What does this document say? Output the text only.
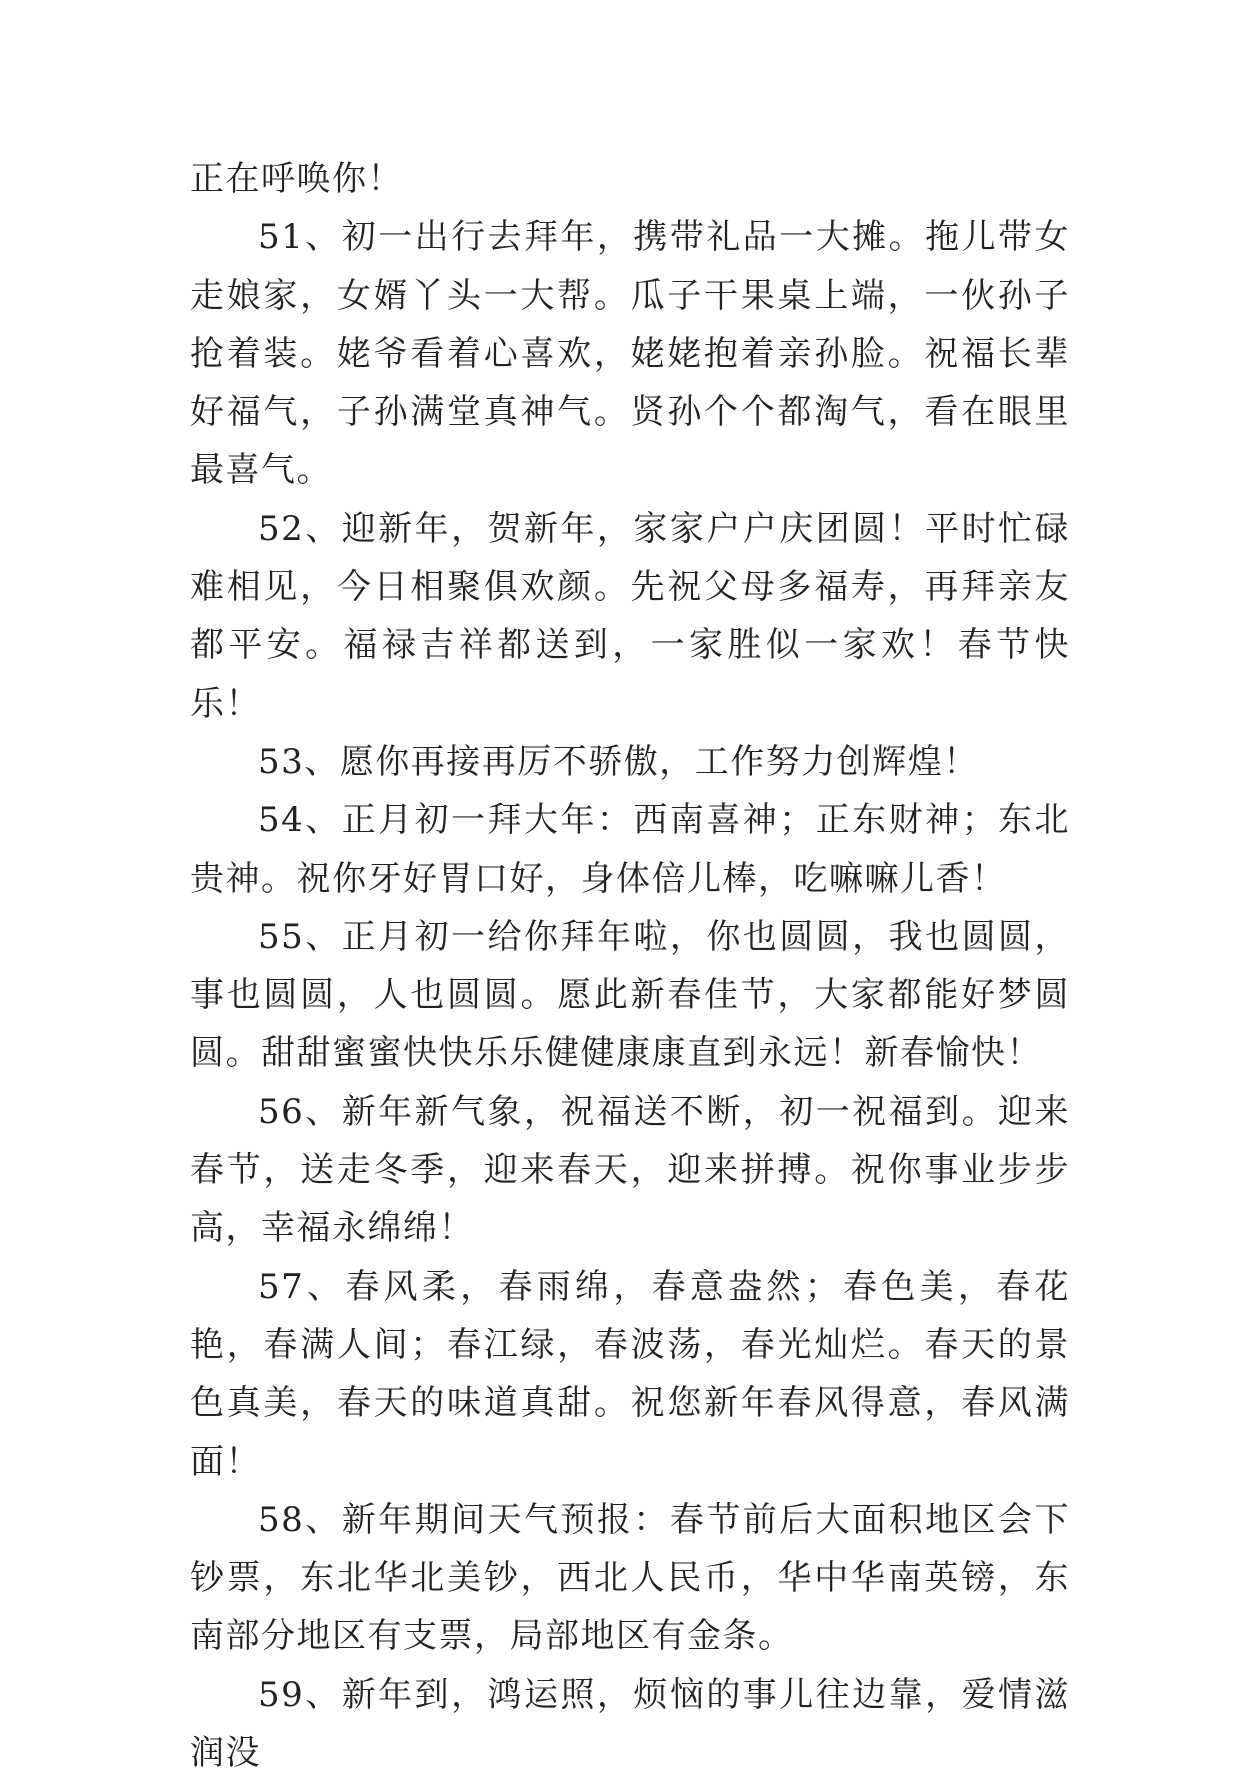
正在呼唤你！

51、初一出行去拜年，携带礼品一大摊。拖儿带女走娘家，女婿丫头一大帮。瓜子干果桌上端，一伙孙子抢着装。姥爷看着心喜欢，姥姥抱着亲孙脸。祝福长辈好福气，子孙满堂真神气。贤孙个个都淘气，看在眼里最喜气。

52、迎新年，贺新年，家家户户庆团圆！平时忙碌难相见，今日相聚俱欢颜。先祝父母多福寿，再拜亲友都平安。福禄吉祥都送到，一家胜似一家欢！春节快乐！

53、愿你再接再厉不骄傲，工作努力创辉煌！

54、正月初一拜大年：西南喜神；正东财神；东北贵神。祝你牙好胃口好，身体倍儿棒，吃嘛嘛儿香！

55、正月初一给你拜年啦，你也圆圆，我也圆圆，事也圆圆，人也圆圆。愿此新春佳节，大家都能好梦圆圆。甜甜蜜蜜快快乐乐健健康康直到永远！新春愉快！

56、新年新气象，祝福送不断，初一祝福到。迎来春节，送走冬季，迎来春天，迎来拼搏。祝你事业步步高，幸福永绵绵！

57、春风柔，春雨绵，春意盎然；春色美，春花艳，春满人间；春江绿，春波荡，春光灿烂。春天的景色真美，春天的味道真甜。祝您新年春风得意，春风满面！

58、新年期间天气预报：春节前后大面积地区会下钞票，东北华北美钞，西北人民币，华中华南英镑，东南部分地区有支票，局部地区有金条。

59、新年到，鸿运照，烦恼的事儿往边靠，爱情滋润没
